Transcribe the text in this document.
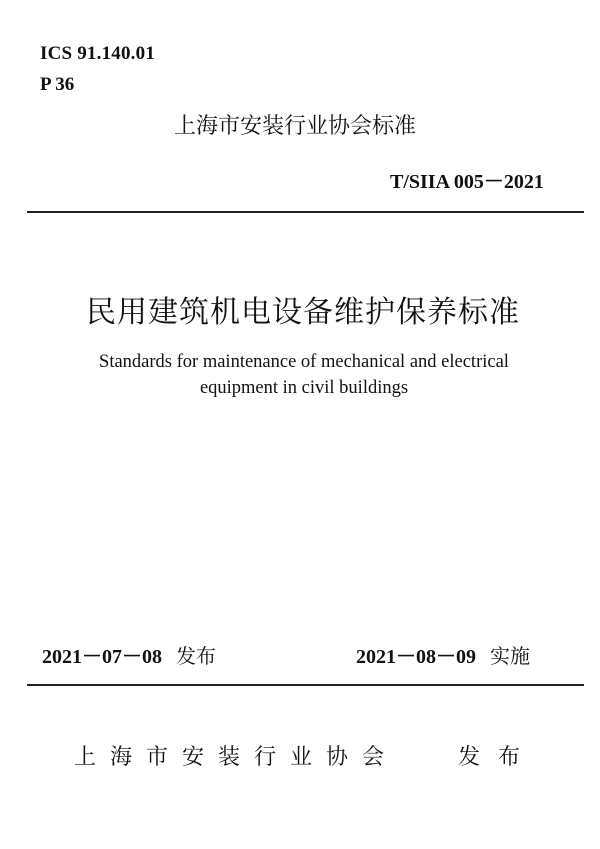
ICS 91.140.01
P 36
上海市安装行业协会标准
T/SIIA 005－2021
民用建筑机电设备维护保养标准
Standards for maintenance of mechanical and electrical
equipment in civil buildings
2021－07－08 发布	2021－08－09 实施
上海市安装行业协会	发布
